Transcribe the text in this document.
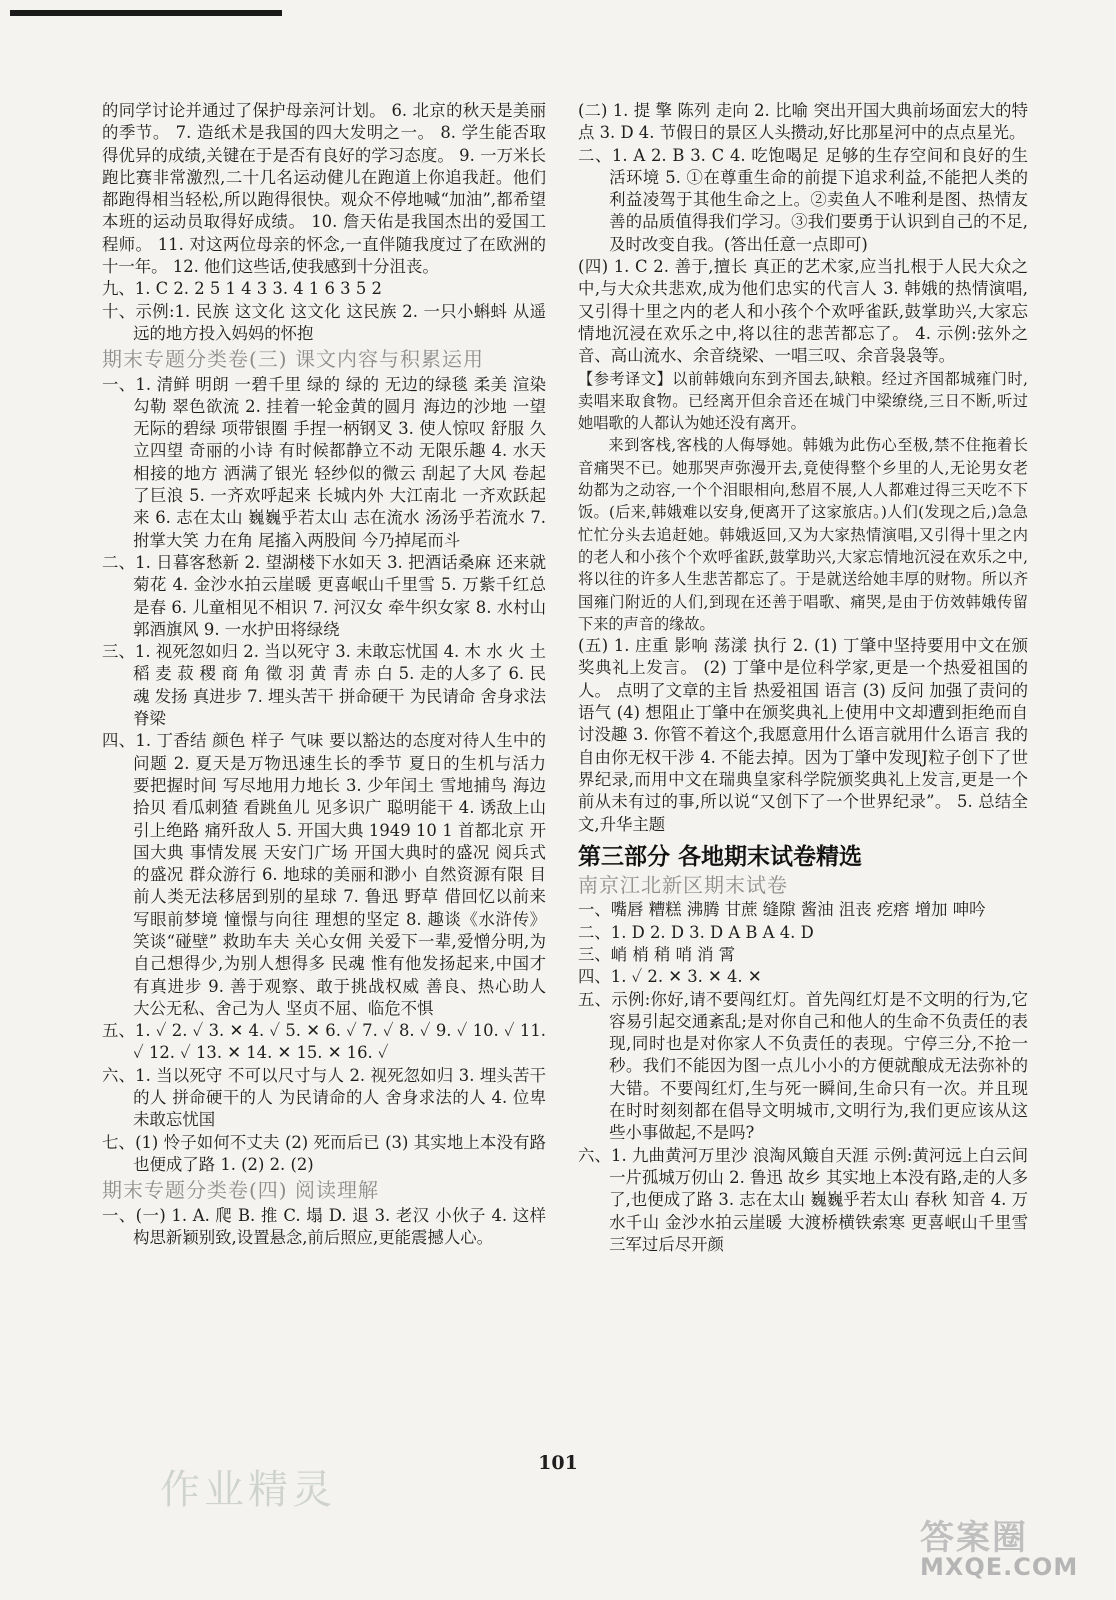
的同学讨论并通过了保护母亲河计划。 6. 北京的秋天是美丽的季节。 7. 造纸术是我国的四大发明之一。 8. 学生能否取得优异的成绩,关键在于是否有良好的学习态度。 9. 一万米长跑比赛非常激烈,二十几名运动健儿在跑道上你追我赶。他们都跑得相当轻松,所以跑得很快。观众不停地喊“加油”,都希望本班的运动员取得好成绩。 10. 詹天佑是我国杰出的爱国工程师。 11. 对这两位母亲的怀念,一直伴随我度过了在欧洲的十一年。 12. 他们这些话,使我感到十分沮丧。

九、1. C 2. 2 5 1 4 3 3. 4 1 6 3 5 2

十、示例:1. 民族 这文化 这文化 这民族 2. 一只小蝌蚪 从遥远的地方投入妈妈的怀抱

期末专题分类卷(三) 课文内容与积累运用

一、1. 清鲜 明朗 一碧千里 绿的 绿的 无边的绿毯 柔美 渲染 勾勒 翠色欲流 2. 挂着一轮金黄的圆月 海边的沙地 一望无际的碧绿 项带银圈 手捏一柄钢叉 3. 使人惊叹 舒服 久立四望 奇丽的小诗 有时候都静立不动 无限乐趣 4. 水天相接的地方 洒满了银光 轻纱似的微云 刮起了大风 卷起了巨浪 5. 一齐欢呼起来 长城内外 大江南北 一齐欢跃起来 6. 志在太山 巍巍乎若太山 志在流水 汤汤乎若流水 7. 拊掌大笑 力在角 尾搐入两股间 今乃掉尾而斗

二、1. 日暮客愁新 2. 望湖楼下水如天 3. 把酒话桑麻 还来就菊花 4. 金沙水拍云崖暖 更喜岷山千里雪 5. 万紫千红总是春 6. 儿童相见不相识 7. 河汉女 牵牛织女家 8. 水村山郭酒旗风 9. 一水护田将绿绕

三、1. 视死忽如归 2. 当以死守 3. 未敢忘忧国 4. 木 水 火 土 稻 麦 菽 稷 商 角 徵 羽 黄 青 赤 白 5. 走的人多了 6. 民魂 发扬 真进步 7. 埋头苦干 拼命硬干 为民请命 舍身求法 脊梁

四、1. 丁香结 颜色 样子 气味 要以豁达的态度对待人生中的问题 2. 夏天是万物迅速生长的季节 夏日的生机与活力 要把握时间 写尽地用力地长 3. 少年闰土 雪地捕鸟 海边拾贝 看瓜刺猹 看跳鱼儿 见多识广 聪明能干 4. 诱敌上山 引上绝路 痛歼敌人 5. 开国大典 1949 10 1 首都北京 开国大典 事情发展 天安门广场 开国大典时的盛况 阅兵式的盛况 群众游行 6. 地球的美丽和渺小 自然资源有限 目前人类无法移居到别的星球 7. 鲁迅 野草 借回忆以前来写眼前梦境 憧憬与向往 理想的坚定 8. 趣谈《水浒传》 笑谈“碰壁” 救助车夫 关心女佣 关爱下一辈,爱憎分明,为自己想得少,为别人想得多 民魂 惟有他发扬起来,中国才有真进步 9. 善于观察、敢于挑战权威 善良、热心助人 大公无私、舍己为人 坚贞不屈、临危不惧

五、1. ✓ 2. ✓ 3. ✕ 4. ✓ 5. ✕ 6. ✓ 7. ✓ 8. ✓ 9. ✓ 10. ✓ 11. ✓ 12. ✓ 13. ✕ 14. ✕ 15. ✕ 16. ✓

六、1. 当以死守 不可以尺寸与人 2. 视死忽如归 3. 埋头苦干的人 拼命硬干的人 为民请命的人 舍身求法的人 4. 位卑未敢忘忧国

七、(1) 怜子如何不丈夫 (2) 死而后已 (3) 其实地上本没有路 也便成了路 1. (2) 2. (2)

期末专题分类卷(四) 阅读理解

一、(一) 1. A. 爬 B. 推 C. 塌 D. 退 3. 老汉 小伙子 4. 这样构思新颖别致,设置悬念,前后照应,更能震撼人心。

(二) 1. 提 擎 陈列 走向 2. 比喻 突出开国大典前场面宏大的特点 3. D 4. 节假日的景区人头攒动,好比那星河中的点点星光。

二、1. A 2. B 3. C 4. 吃饱喝足 足够的生存空间和良好的生活环境 5. ①在尊重生命的前提下追求利益,不能把人类的利益凌驾于其他生命之上。②卖鱼人不唯利是图、热情友善的品质值得我们学习。③我们要勇于认识到自己的不足,及时改变自我。(答出任意一点即可)

(四) 1. C 2. 善于,擅长 真正的艺术家,应当扎根于人民大众之中,与大众共悲欢,成为他们忠实的代言人 3. 韩娥的热情演唱,又引得十里之内的老人和小孩个个欢呼雀跃,鼓掌助兴,大家忘情地沉浸在欢乐之中,将以往的悲苦都忘了。 4. 示例:弦外之音、高山流水、余音绕梁、一唱三叹、余音袅袅等。

【参考译文】以前韩娥向东到齐国去,缺粮。经过齐国都城雍门时,卖唱来取食物。已经离开但余音还在城门中梁缭绕,三日不断,听过她唱歌的人都认为她还没有离开。

来到客栈,客栈的人侮辱她。韩娥为此伤心至极,禁不住拖着长音痛哭不已。她那哭声弥漫开去,竟使得整个乡里的人,无论男女老幼都为之动容,一个个泪眼相向,愁眉不展,人人都难过得三天吃不下饭。(后来,韩娥难以安身,便离开了这家旅店。)人们(发现之后,)急急忙忙分头去追赶她。韩娥返回,又为大家热情演唱,又引得十里之内的老人和小孩个个欢呼雀跃,鼓掌助兴,大家忘情地沉浸在欢乐之中,将以往的许多人生悲苦都忘了。于是就送给她丰厚的财物。所以齐国雍门附近的人们,到现在还善于唱歌、痛哭,是由于仿效韩娥传留下来的声音的缘故。

(五) 1. 庄重 影响 荡漾 执行 2. (1) 丁肇中坚持要用中文在颁奖典礼上发言。 (2) 丁肇中是位科学家,更是一个热爱祖国的人。 点明了文章的主旨 热爱祖国 语言 (3) 反问 加强了责问的语气 (4) 想阻止丁肇中在颁奖典礼上使用中文却遭到拒绝而自讨没趣 3. 你管不着这个,我愿意用什么语言就用什么语言 我的自由你无权干涉 4. 不能去掉。因为丁肇中发现J粒子创下了世界纪录,而用中文在瑞典皇家科学院颁奖典礼上发言,更是一个前从未有过的事,所以说“又创下了一个世界纪录”。 5. 总结全文,升华主题

第三部分 各地期末试卷精选

南京江北新区期末试卷

一、嘴唇 糟糕 沸腾 甘蔗 缝隙 酱油 沮丧 疙瘩 增加 呻吟

二、1. D 2. D 3. D A B A 4. D

三、峭 梢 稍 哨 消 霄

四、1. ✓ 2. ✕ 3. ✕ 4. ✕

五、示例:你好,请不要闯红灯。首先闯红灯是不文明的行为,它容易引起交通紊乱;是对你自己和他人的生命不负责任的表现,同时也是对你家人不负责任的表现。宁停三分,不抢一秒。我们不能因为图一点儿小小的方便就酿成无法弥补的大错。不要闯红灯,生与死一瞬间,生命只有一次。并且现在时时刻刻都在倡导文明城市,文明行为,我们更应该从这些小事做起,不是吗?

六、1. 九曲黄河万里沙 浪淘风簸自天涯 示例:黄河远上白云间 一片孤城万仞山 2. 鲁迅 故乡 其实地上本没有路,走的人多了,也便成了路 3. 志在太山 巍巍乎若太山 春秋 知音 4. 万水千山 金沙水拍云崖暖 大渡桥横铁索寒 更喜岷山千里雪 三军过后尽开颜

101
作业精灵
答案圈
MXQE.COM
